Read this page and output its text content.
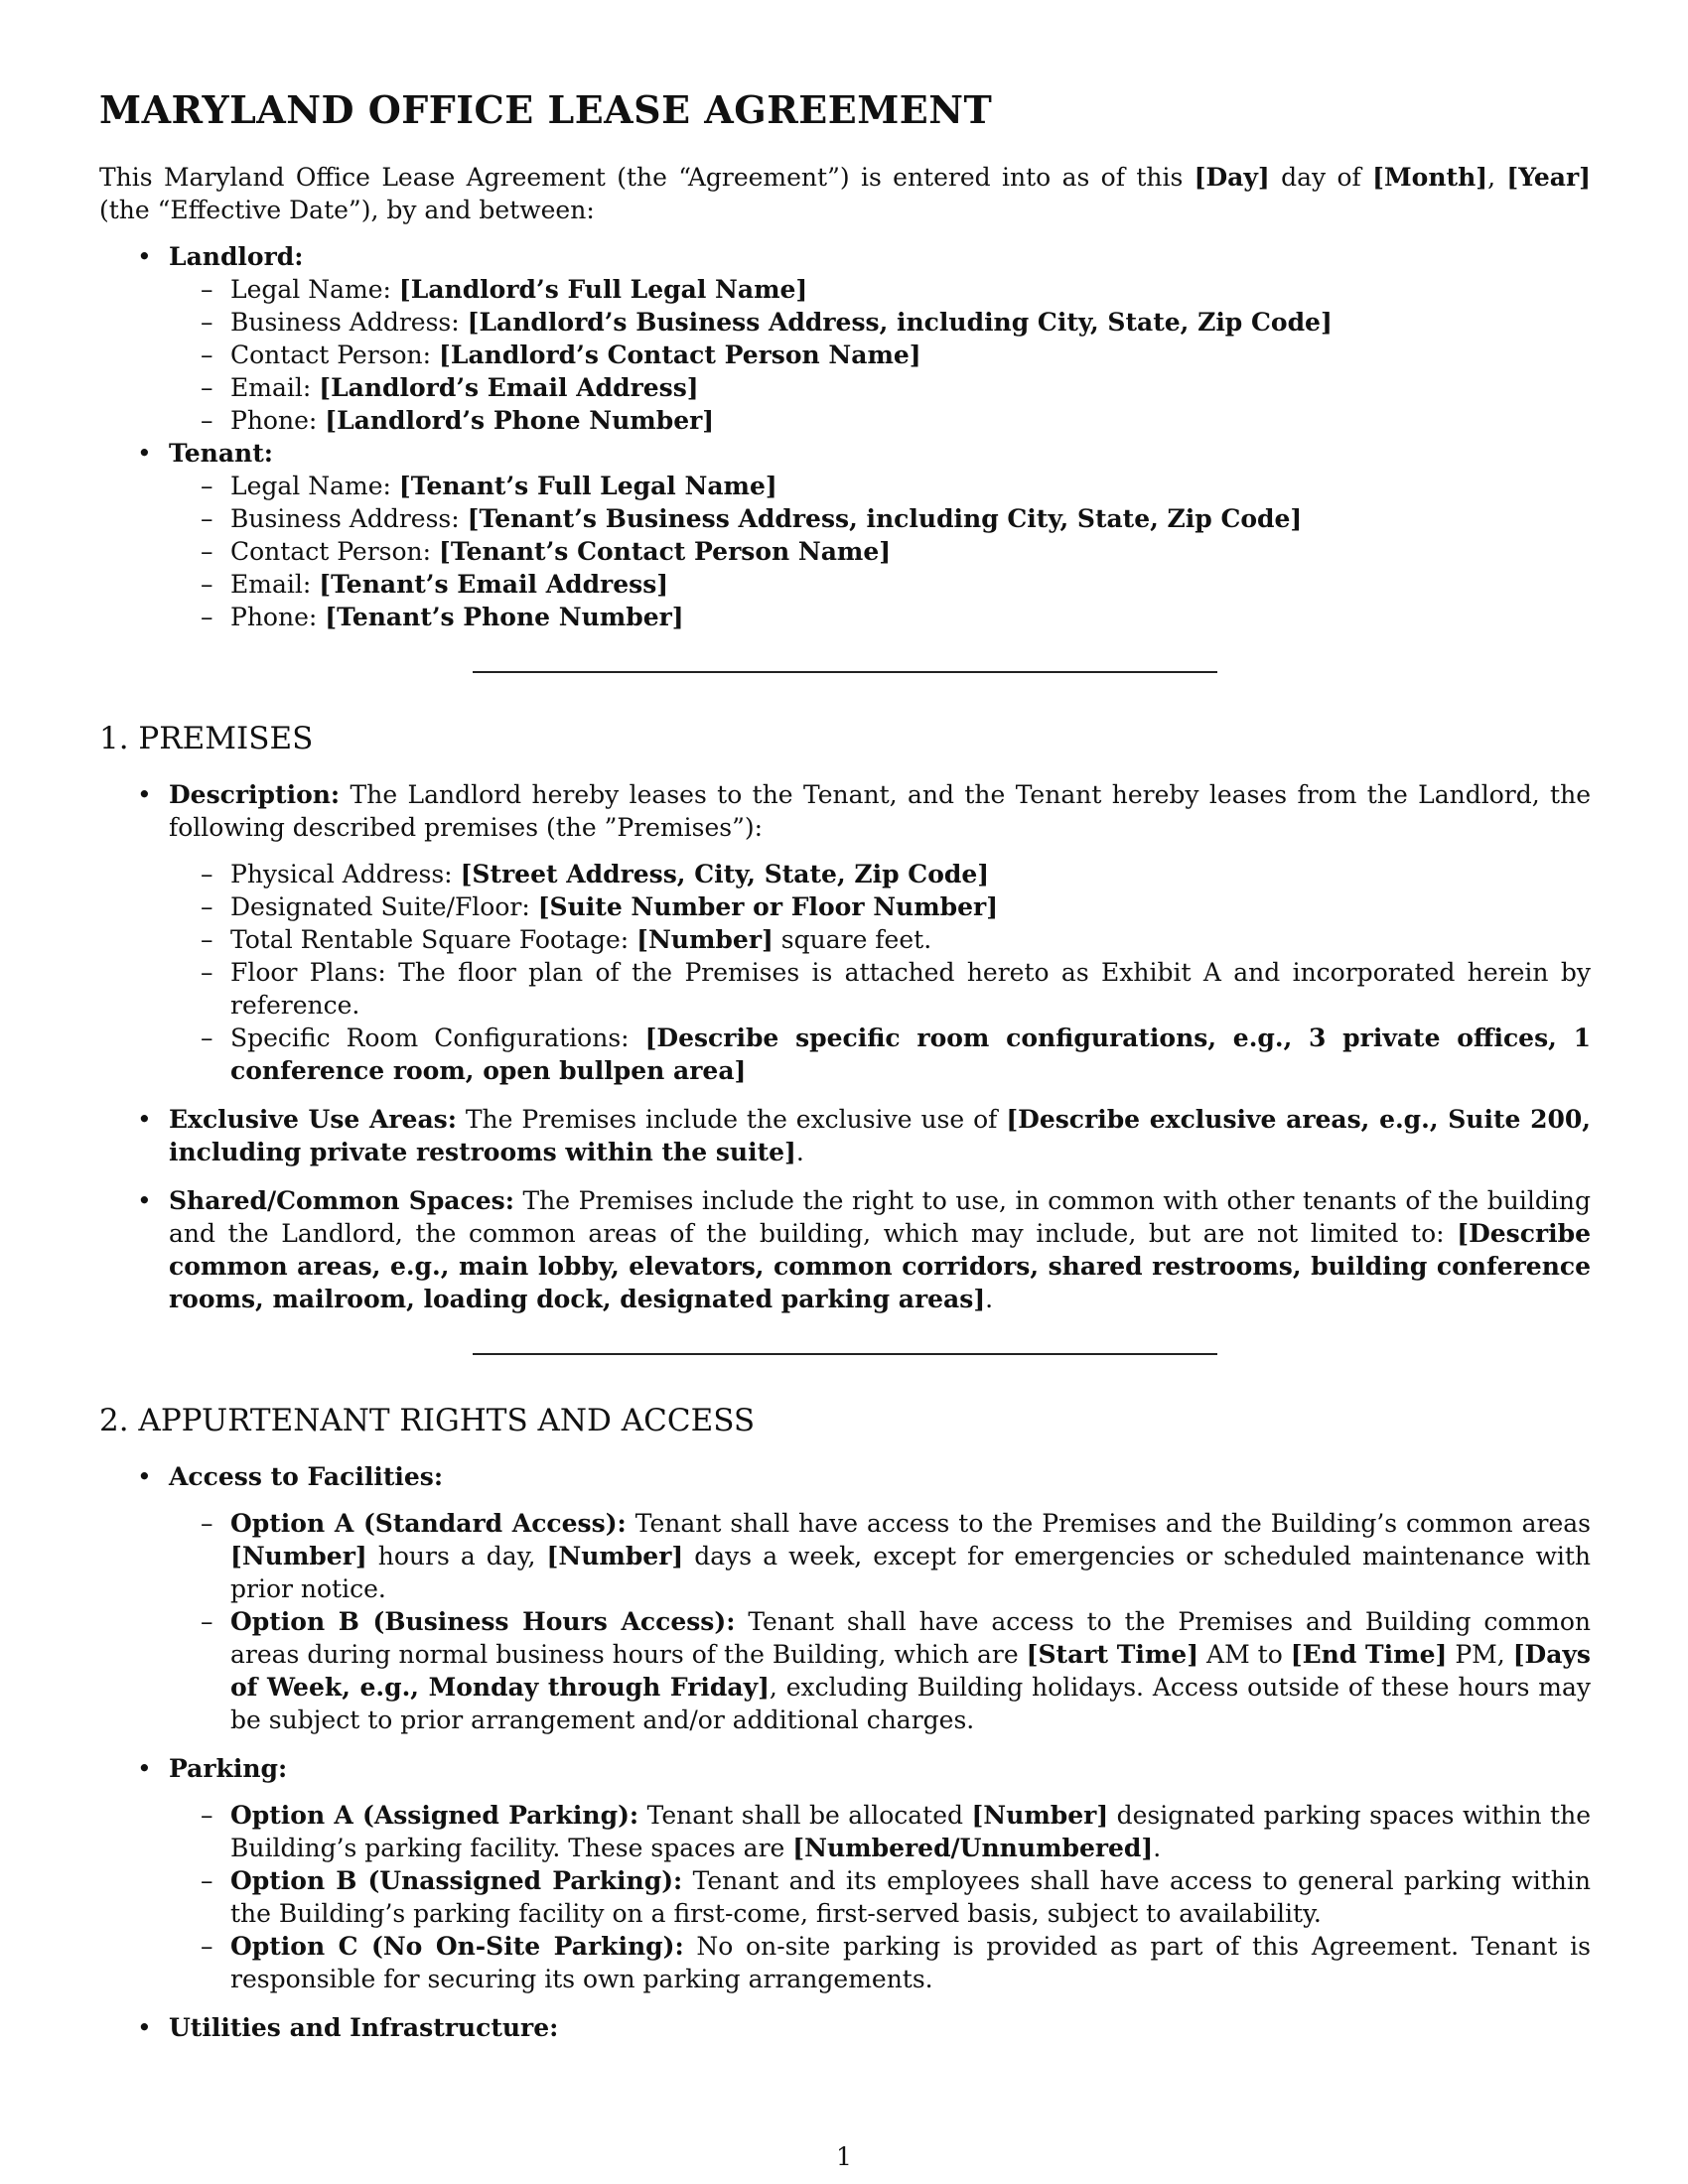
MARYLAND OFFICE LEASE AGREEMENT

This Maryland Office Lease Agreement (the “Agreement”) is entered into as of this [Day] day of [Month], [Year] (the “Effective Date”), by and between:

• Landlord:
– Legal Name: [Landlord’s Full Legal Name]
– Business Address: [Landlord’s Business Address, including City, State, Zip Code]
– Contact Person: [Landlord’s Contact Person Name]
– Email: [Landlord’s Email Address]
– Phone: [Landlord’s Phone Number]
• Tenant:
– Legal Name: [Tenant’s Full Legal Name]
– Business Address: [Tenant’s Business Address, including City, State, Zip Code]
– Contact Person: [Tenant’s Contact Person Name]
– Email: [Tenant’s Email Address]
– Phone: [Tenant’s Phone Number]
1. PREMISES
• Description: The Landlord hereby leases to the Tenant, and the Tenant hereby leases from the Landlord, the following described premises (the ”Premises”):
– Physical Address: [Street Address, City, State, Zip Code]
– Designated Suite/Floor: [Suite Number or Floor Number]
– Total Rentable Square Footage: [Number] square feet.
– Floor Plans: The floor plan of the Premises is attached hereto as Exhibit A and incorporated herein by reference.
– Specific Room Configurations: [Describe specific room configurations, e.g., 3 private offices, 1 conference room, open bullpen area]
• Exclusive Use Areas: The Premises include the exclusive use of [Describe exclusive areas, e.g., Suite 200, including private restrooms within the suite].
• Shared/Common Spaces: The Premises include the right to use, in common with other tenants of the building and the Landlord, the common areas of the building, which may include, but are not limited to: [Describe common areas, e.g., main lobby, elevators, common corridors, shared restrooms, building conference rooms, mailroom, loading dock, designated parking areas].
2. APPURTENANT RIGHTS AND ACCESS
• Access to Facilities:
– Option A (Standard Access): Tenant shall have access to the Premises and the Building’s common areas [Number] hours a day, [Number] days a week, except for emergencies or scheduled maintenance with prior notice.
– Option B (Business Hours Access): Tenant shall have access to the Premises and Building common areas during normal business hours of the Building, which are [Start Time] AM to [End Time] PM, [Days of Week, e.g., Monday through Friday], excluding Building holidays. Access outside of these hours may be subject to prior arrangement and/or additional charges.
• Parking:
– Option A (Assigned Parking): Tenant shall be allocated [Number] designated parking spaces within the Building’s parking facility. These spaces are [Numbered/Unnumbered].
– Option B (Unassigned Parking): Tenant and its employees shall have access to general parking within the Building’s parking facility on a first-come, first-served basis, subject to availability.
– Option C (No On-Site Parking): No on-site parking is provided as part of this Agreement. Tenant is responsible for securing its own parking arrangements.
• Utilities and Infrastructure:
1
